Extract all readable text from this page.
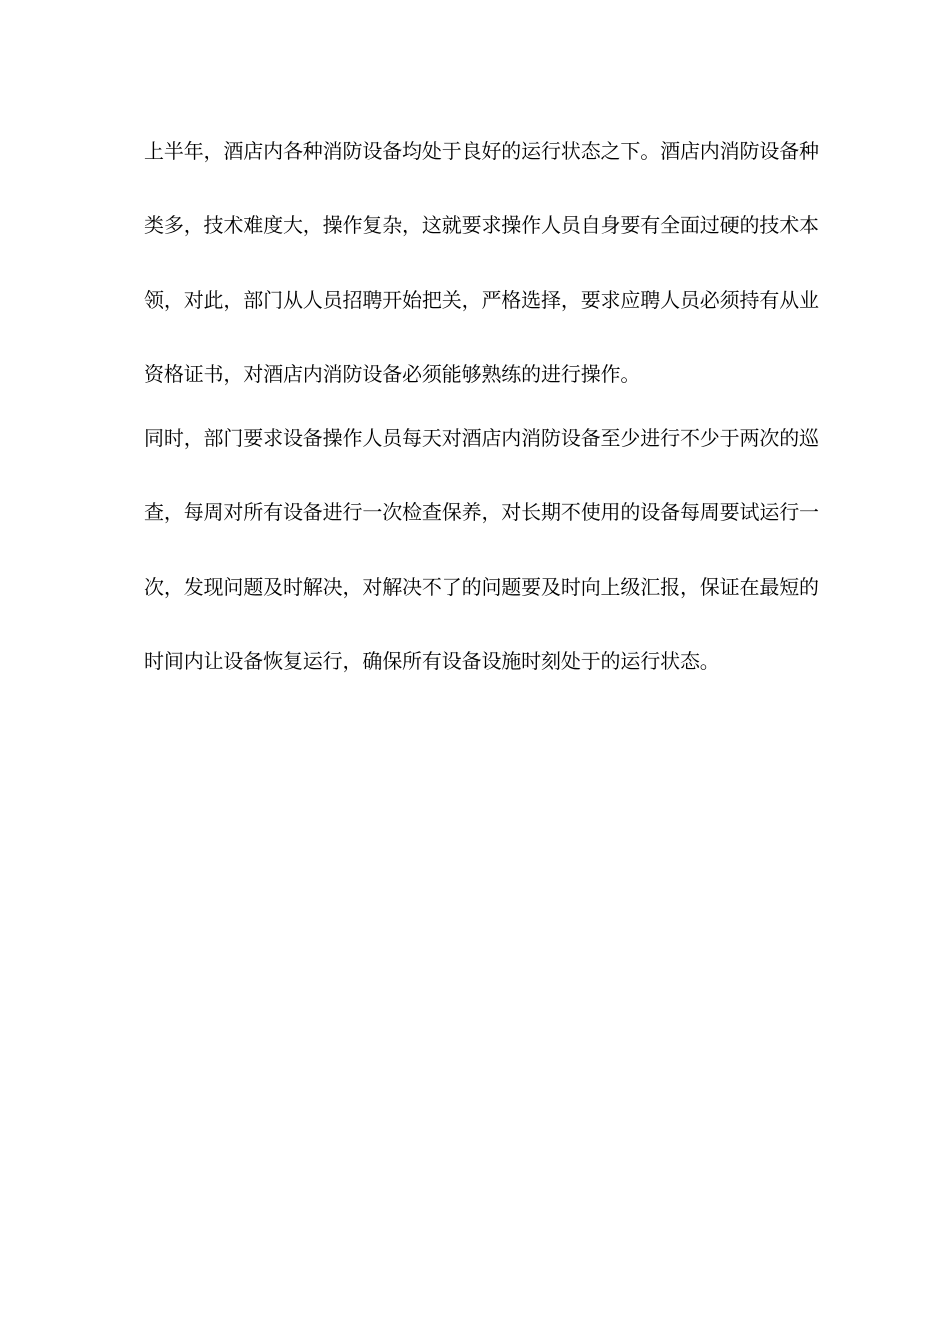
上半年，酒店内各种消防设备均处于良好的运行状态之下。酒店内消防设备种
类多，技术难度大，操作复杂，这就要求操作人员自身要有全面过硬的技术本
领，对此，部门从人员招聘开始把关，严格选择，要求应聘人员必须持有从业
资格证书，对酒店内消防设备必须能够熟练的进行操作。
同时，部门要求设备操作人员每天对酒店内消防设备至少进行不少于两次的巡
查，每周对所有设备进行一次检查保养，对长期不使用的设备每周要试运行一
次，发现问题及时解决，对解决不了的问题要及时向上级汇报，保证在最短的
时间内让设备恢复运行，确保所有设备设施时刻处于的运行状态。
